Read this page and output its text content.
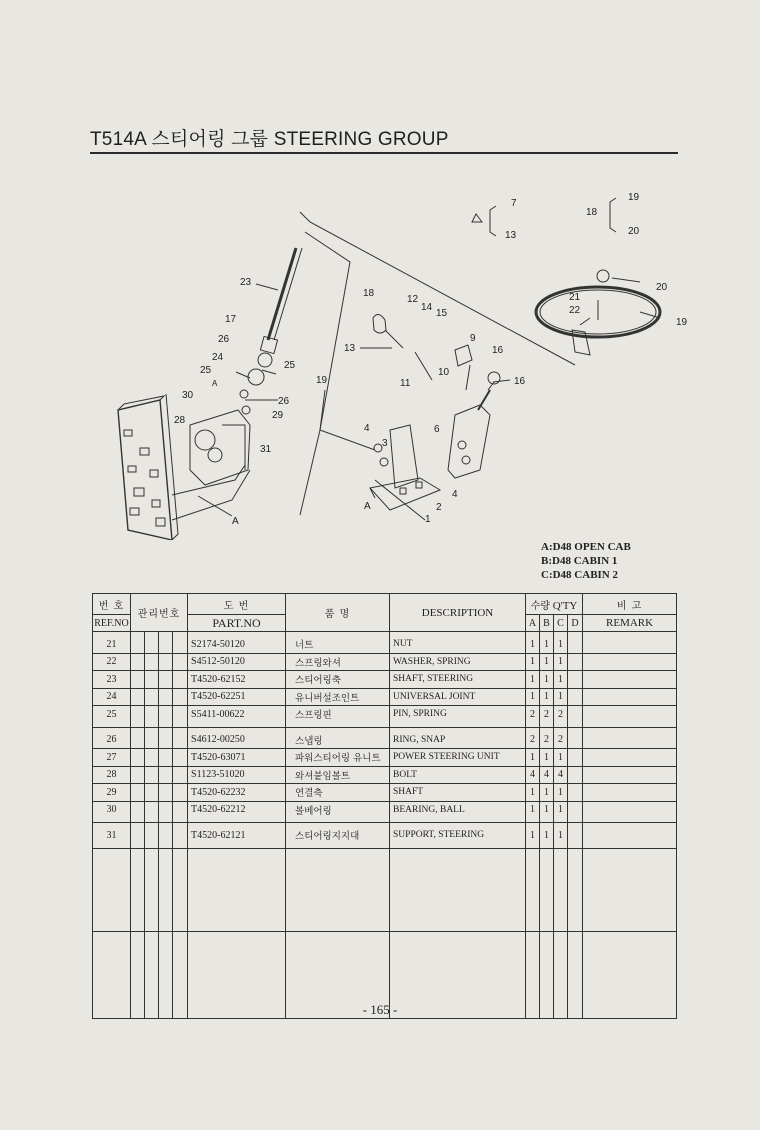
T514A 스티어링 그룹 STEERING GROUP
7
13
18
19
20
20
21
22
19
23
17
26
24
25
25
30
26
29
28
31
A
18
12
14
15
13
9
10
16
11	16
19
6
4
3
4
2
1
A
A
A:D48 OPEN CAB
B:D48 CABIN 1
C:D48 CABIN 2
번 호	관리번호				도 번	품 명	DESCRIPTION	수량 Q'TY				비 고
REF.NO					PART.NO			A	B	C	D	REMARK
21					S2174-50120	너트	NUT	1	1	1		
22					S4512-50120	스프링와셔	WASHER, SPRING	1	1	1		
23					T4520-62152	스티어링축	SHAFT, STEERING	1	1	1		
24					T4520-62251	유니버설조인트	UNIVERSAL JOINT	1	1	1		
25					S5411-00622	스프링핀	PIN, SPRING	2	2	2		
26					S4612-00250	스냅링	RING, SNAP	2	2	2		
27					T4520-63071	파워스티어링 유니트	POWER STEERING UNIT	1	1	1		
28					S1123-51020	와셔붙임볼트	BOLT	4	4	4		
29					T4520-62232	연결축	SHAFT	1	1	1		
30					T4520-62212	볼베어링	BEARING, BALL	1	1	1		
31					T4520-62121	스티어링지지대	SUPPORT, STEERING	1	1	1		

- 165 -
